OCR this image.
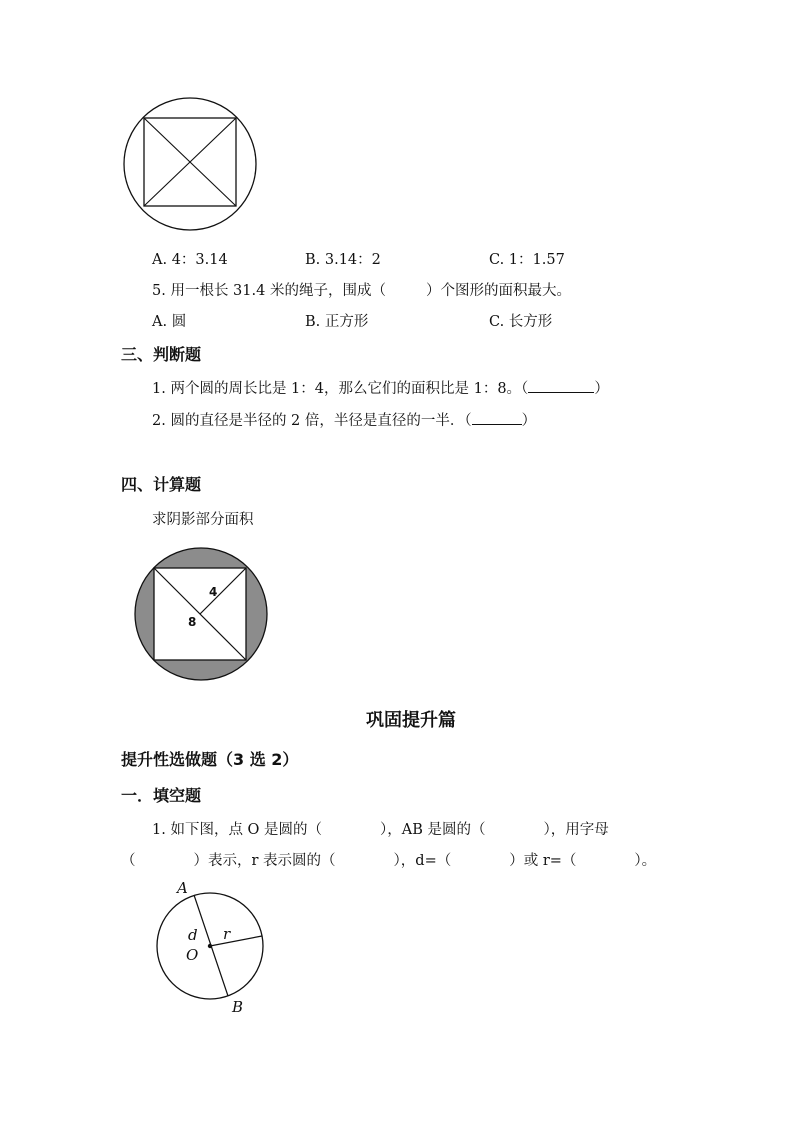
A. 4：3.14	B. 3.14：2	C. 1：1.57
5. 用一根长 31.4 米的绳子，围成（	）个图形的面积最大。
A. 圆	B. 正方形	C. 长方形
三、判断题
1. 两个圆的周长比是 1：4，那么它们的面积比是 1：8。（	）
2. 圆的直径是半径的 2 倍，半径是直径的一半．（	）
四、计算题
求阴影部分面积
4
8
巩固提升篇
提升性选做题（3 选 2）
一．填空题
1. 如下图，点 O 是圆的（　　　　），AB 是圆的（　　　　），用字母
（　　　　）表示，r 表示圆的（　　　　），d=（　　　　）或 r=（　　　　）。
A
B
d r
O
